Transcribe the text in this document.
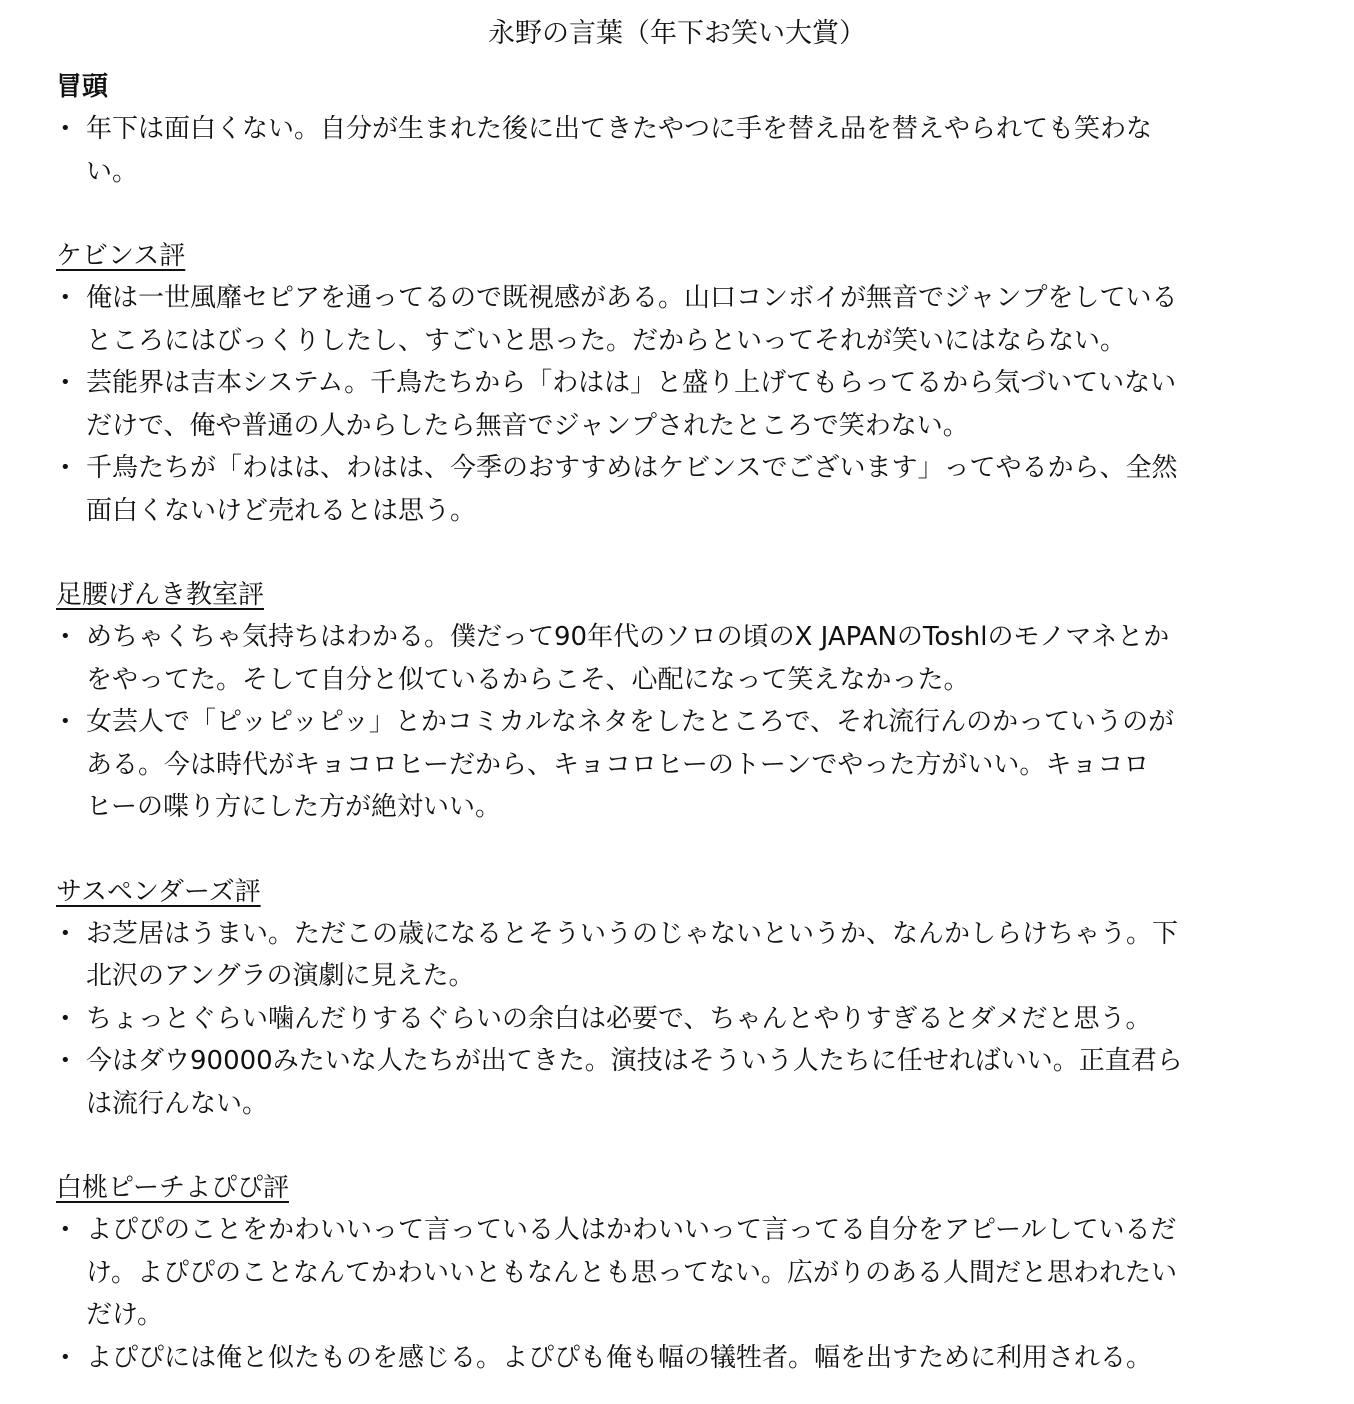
永野の言葉（年下お笑い大賞）
冒頭
• 年下は面白くない。自分が生まれた後に出てきたやつに手を替え品を替えやられても笑わな
い。
ケビンス評
• 俺は一世風靡セピアを通ってるので既視感がある。山口コンボイが無音でジャンプをしている
ところにはびっくりしたし、すごいと思った。だからといってそれが笑いにはならない。
• 芸能界は吉本システム。千鳥たちから「わはは」と盛り上げてもらってるから気づいていない
だけで、俺や普通の人からしたら無音でジャンプされたところで笑わない。
• 千鳥たちが「わはは、わはは、今季のおすすめはケビンスでございます」ってやるから、全然
面白くないけど売れるとは思う。
足腰げんき教室評
• めちゃくちゃ気持ちはわかる。僕だって90年代のソロの頃のX JAPANのToshlのモノマネとか
をやってた。そして自分と似ているからこそ、心配になって笑えなかった。
• 女芸人で「ピッピッピッ」とかコミカルなネタをしたところで、それ流行んのかっていうのが
ある。今は時代がキョコロヒーだから、キョコロヒーのトーンでやった方がいい。キョコロ
ヒーの喋り方にした方が絶対いい。
サスペンダーズ評
• お芝居はうまい。ただこの歳になるとそういうのじゃないというか、なんかしらけちゃう。下
北沢のアングラの演劇に見えた。
• ちょっとぐらい噛んだりするぐらいの余白は必要で、ちゃんとやりすぎるとダメだと思う。
• 今はダウ90000みたいな人たちが出てきた。演技はそういう人たちに任せればいい。正直君ら
は流行んない。
白桃ピーチよぴぴ評
• よぴぴのことをかわいいって言っている人はかわいいって言ってる自分をアピールしているだ
け。よぴぴのことなんてかわいいともなんとも思ってない。広がりのある人間だと思われたい
だけ。
• よぴぴには俺と似たものを感じる。よぴぴも俺も幅の犠牲者。幅を出すために利用される。
